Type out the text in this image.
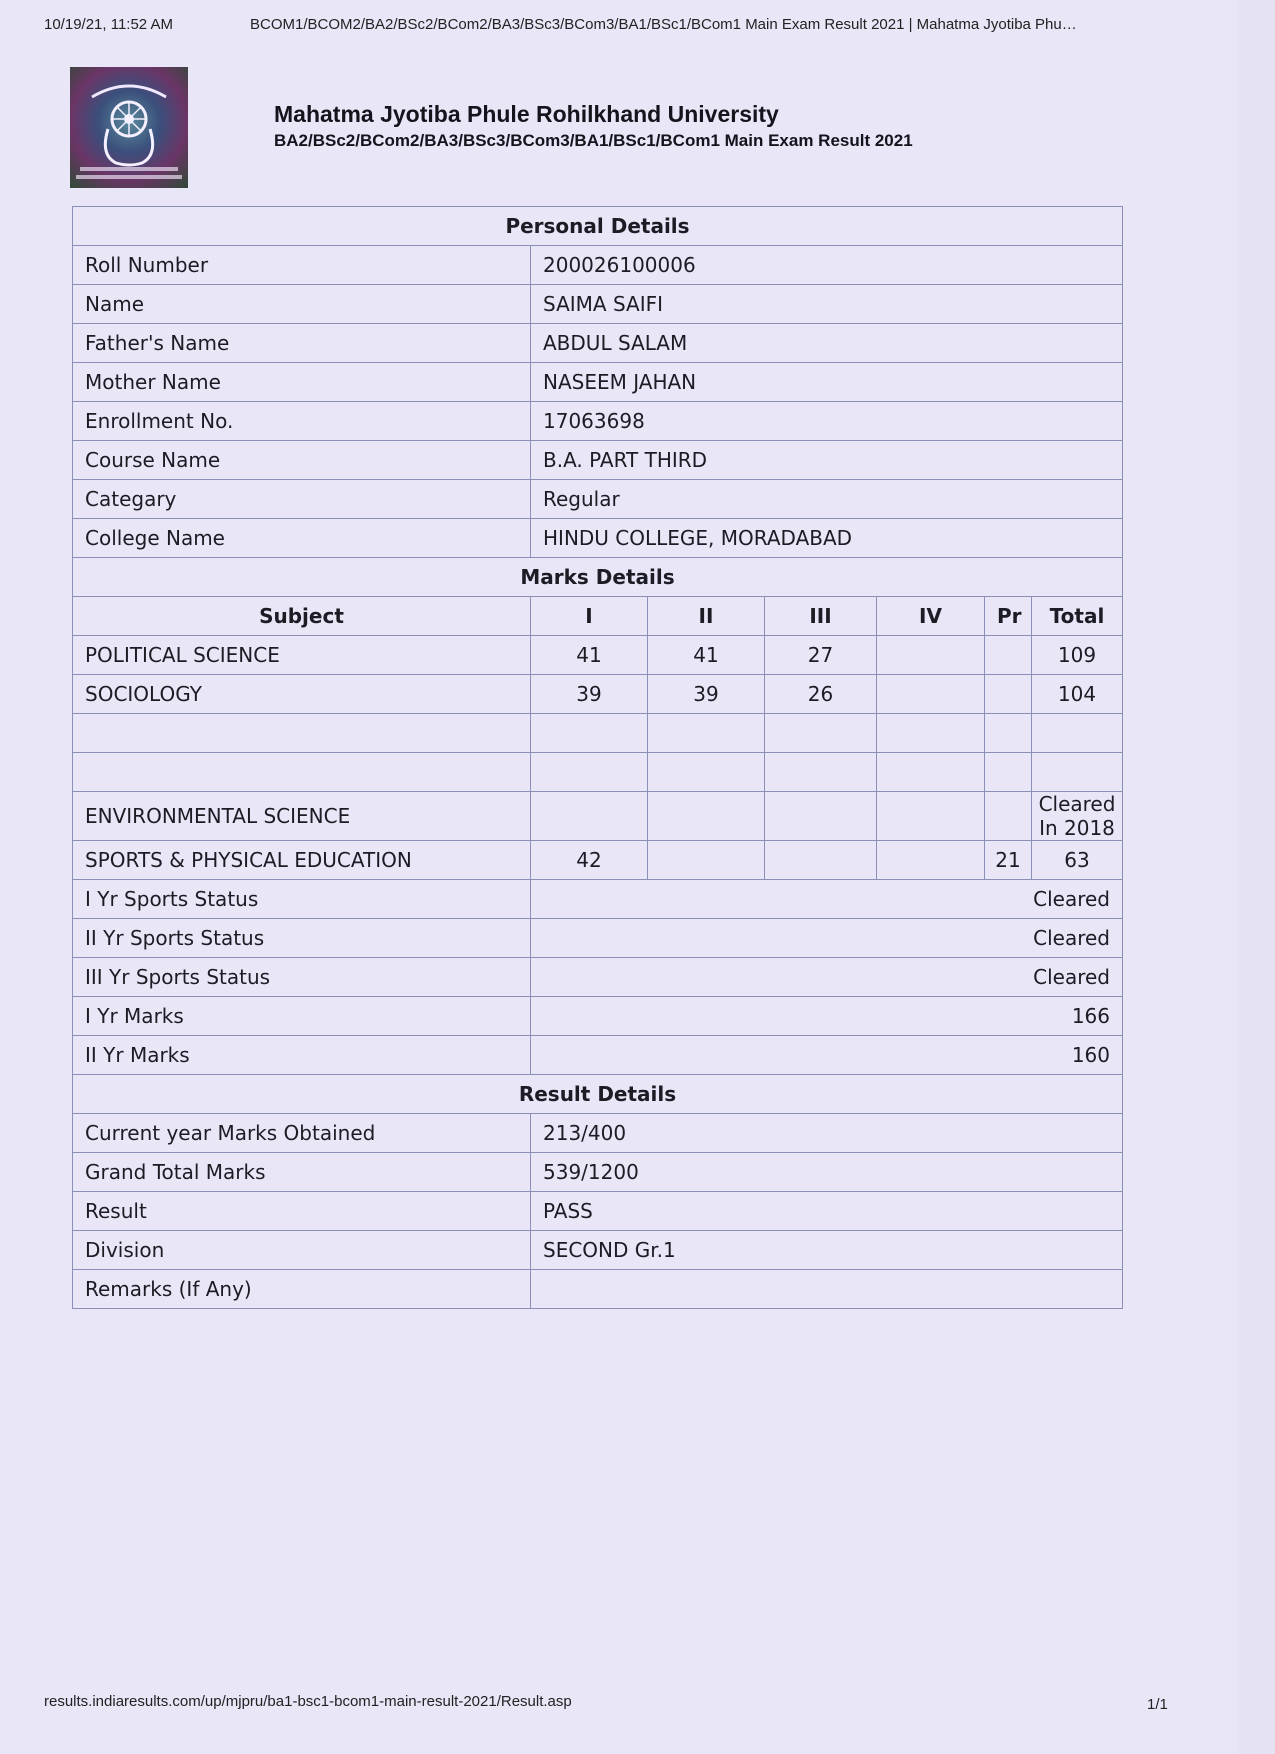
10/19/21, 11:52 AM	BCOM1/BCOM2/BA2/BSc2/BCom2/BA3/BSc3/BCom3/BA1/BSc1/BCom1 Main Exam Result 2021 | Mahatma Jyotiba Phu…
Mahatma Jyotiba Phule Rohilkhand University
BA2/BSc2/BCom2/BA3/BSc3/BCom3/BA1/BSc1/BCom1 Main Exam Result 2021
Personal Details						
Roll Number	200026100006					
Name	SAIMA SAIFI					
Father's Name	ABDUL SALAM					
Mother Name	NASEEM JAHAN					
Enrollment No.	17063698					
Course Name	B.A. PART THIRD					
Categary	Regular					
College Name	HINDU COLLEGE, MORADABAD					
Marks Details						
Subject	I	II	III	IV	Pr	Total
POLITICAL SCIENCE	41	41	27			109
SOCIOLOGY	39	39	26			104

ENVIRONMENTAL SCIENCE						Cleared In 2018
SPORTS & PHYSICAL EDUCATION	42				21	63
I Yr Sports Status	Cleared					
II Yr Sports Status	Cleared					
III Yr Sports Status	Cleared					
I Yr Marks	166					
II Yr Marks	160					
Result Details						
Current year Marks Obtained	213/400					
Grand Total Marks	539/1200					
Result	PASS					
Division	SECOND Gr.1					
Remarks (If Any)						
results.indiaresults.com/up/mjpru/ba1-bsc1-bcom1-main-result-2021/Result.asp	1/1
